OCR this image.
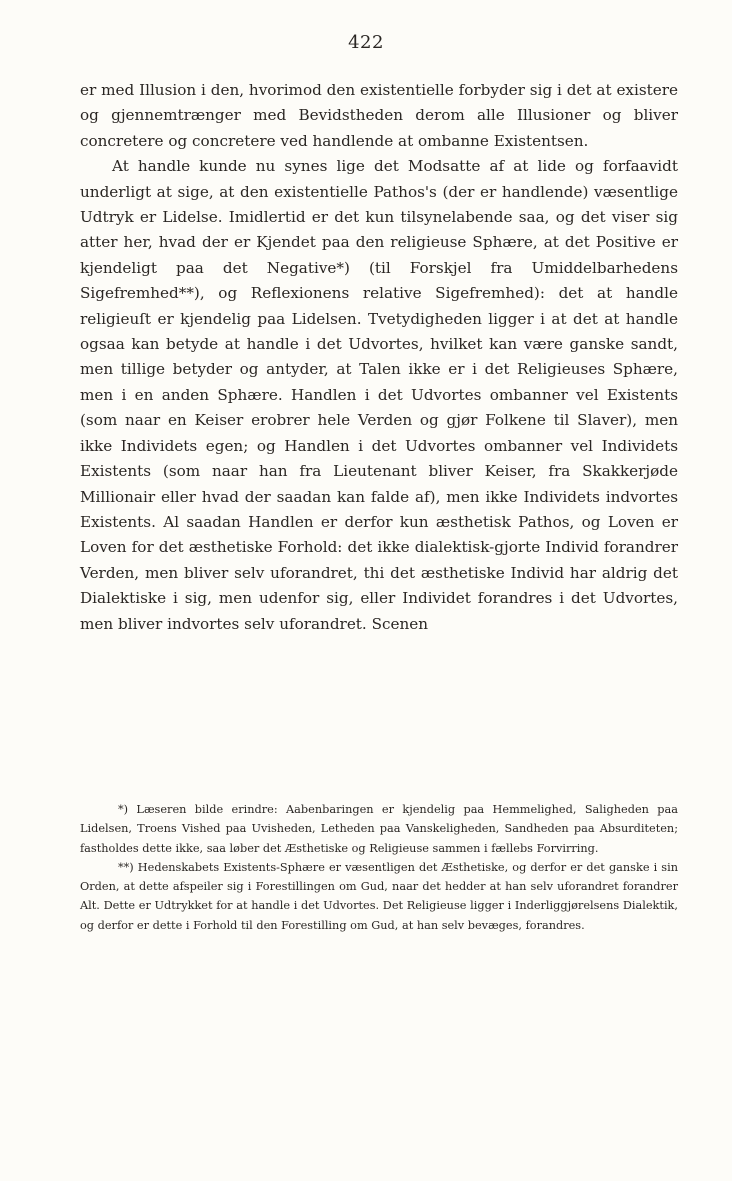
422

er med Illusion i den, hvorimod den existentielle forbyder sig i det at existere og gjennemtrænger med Bevidstheden derom alle Illusioner og bliver concretere og concretere ved handlende at ombanne Existentsen.

At handle kunde nu synes lige det Modsatte af at lide og forfaavidt underligt at sige, at den existentielle Pathos's (der er handlende) væsentlige Udtryk er Lidelse. Imidlertid er det kun tilsynelabende saa, og det viser sig atter her, hvad der er Kjendet paa den religieuse Sphære, at det Positive er kjendeligt paa det Negative*) (til Forskjel fra Umiddelbarhedens Sigefremhed**), og Reflexionens relative Sigefremhed): det at handle religieuſt er kjendelig paa Lidelsen. Tvetydigheden ligger i at det at handle ogsaa kan betyde at handle i det Udvortes, hvilket kan være ganske sandt, men tillige betyder og antyder, at Talen ikke er i det Religieuses Sphære, men i en anden Sphære. Handlen i det Udvortes ombanner vel Existents (som naar en Keiser erobrer hele Verden og gjør Folkene til Slaver), men ikke Individets egen; og Handlen i det Udvortes ombanner vel Individets Existents (som naar han fra Lieutenant bliver Keiser, fra Skakkerjøde Millionair eller hvad der saadan kan falde af), men ikke Individets indvortes Existents. Al saadan Handlen er derfor kun æsthetisk Pathos, og Loven er Loven for det æsthetiske Forhold: det ikke dialektisk-gjorte Individ forandrer Verden, men bliver selv uforandret, thi det æsthetiske Individ har aldrig det Dialektiske i sig, men udenfor sig, eller Individet forandres i det Udvortes, men bliver indvortes selv uforandret. Scenen

*) Læseren bilde erindre: Aabenbaringen er kjendelig paa Hemmelighed, Saligheden paa Lidelsen, Troens Vished paa Uvisheden, Letheden paa Vanskeligheden, Sandheden paa Absurditeten; fastholdes dette ikke, saa løber det Æsthetiske og Religieuse sammen i fællebs Forvirring.

**) Hedenskabets Existents-Sphære er væsentligen det Æsthetiske, og derfor er det ganske i sin Orden, at dette afspeiler sig i Forestillingen om Gud, naar det hedder at han selv uforandret forandrer Alt. Dette er Udtrykket for at handle i det Udvortes. Det Religieuse ligger i Inderliggjørelsens Dialektik, og derfor er dette i Forhold til den Forestilling om Gud, at han selv bevæges, forandres.
